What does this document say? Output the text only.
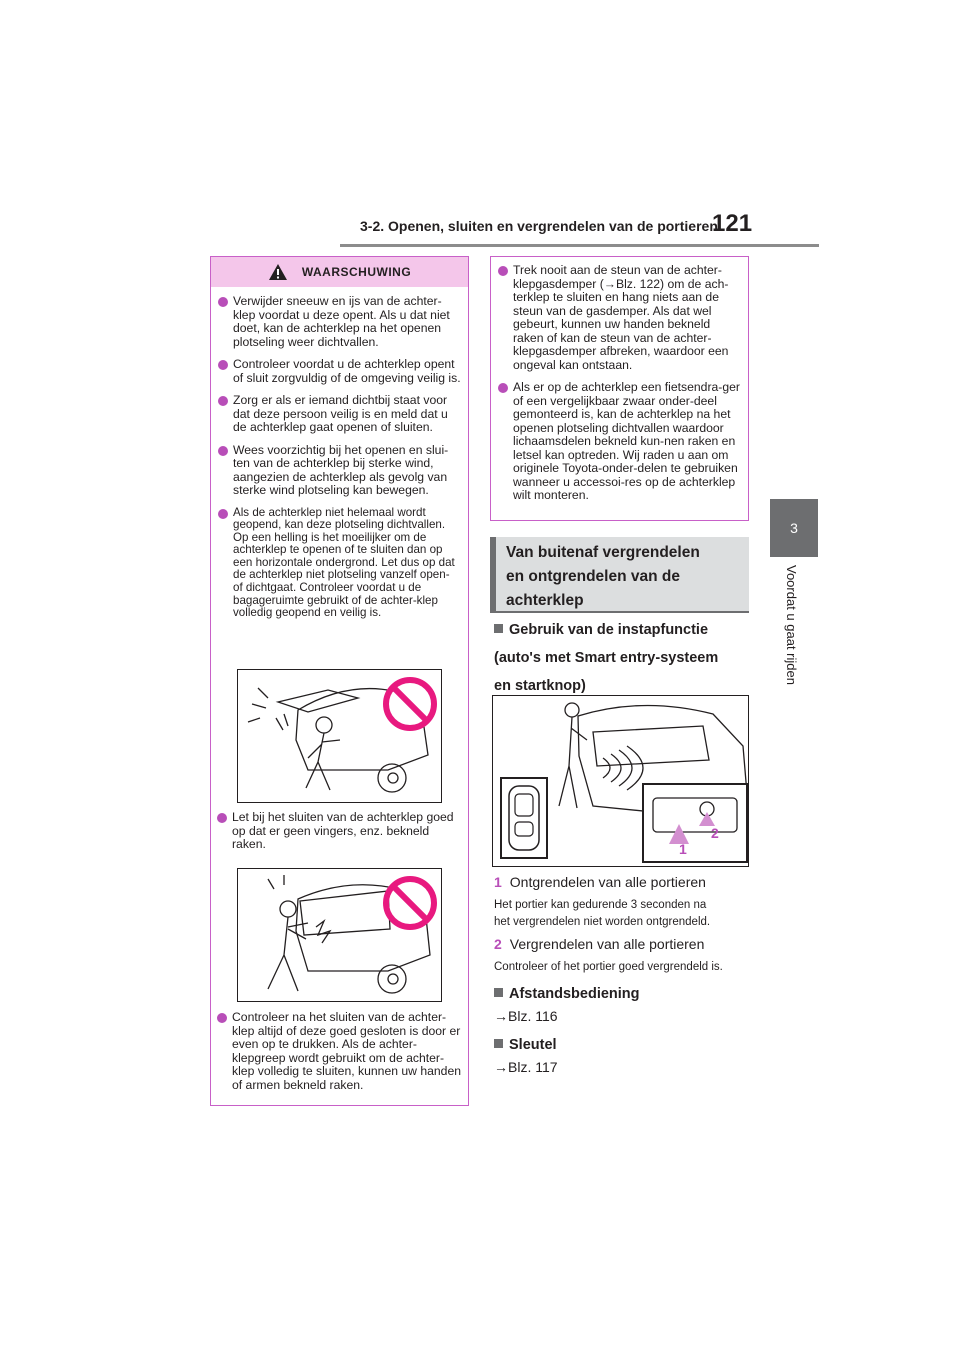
3-2. Openen, sluiten en vergrendelen van de portieren
121
3
Voordat u gaat rijden
WAARSCHUWING
Verwijder sneeuw en ijs van de achter-klep voordat u deze opent. Als u dat niet doet, kan de achterklep na het openen plotseling weer dichtvallen.
Controleer voordat u de achterklep opent of sluit zorgvuldig of de omgeving veilig is.
Zorg er als er iemand dichtbij staat voor dat deze persoon veilig is en meld dat u de achterklep gaat openen of sluiten.
Wees voorzichtig bij het openen en slui-ten van de achterklep bij sterke wind, aangezien de achterklep als gevolg van sterke wind plotseling kan bewegen.
Als de achterklep niet helemaal wordt geopend, kan deze plotseling dichtvallen. Op een helling is het moeilijker om de achterklep te openen of te sluiten dan op een horizontale ondergrond. Let dus op dat de achterklep niet plotseling vanzelf open- of dichtgaat. Controleer voordat u de bagageruimte gebruikt of de achter-klep volledig geopend en veilig is.
Let bij het sluiten van de achterklep goed op dat er geen vingers, enz. bekneld raken.
Controleer na het sluiten van de achter-klep altijd of deze goed gesloten is door er even op te drukken. Als de achter-klepgreep wordt gebruikt om de achter-klep volledig te sluiten, kunnen uw handen of armen bekneld raken.
Trek nooit aan de steun van de achter-klepgasdemper (→Blz. 122) om de ach-terklep te sluiten en hang niets aan de steun van de gasdemper. Als dat wel gebeurt, kunnen uw handen bekneld raken of kan de steun van de achter-klepgasdemper afbreken, waardoor een ongeval kan ontstaan.
Als er op de achterklep een fietsendra-ger of een vergelijkbaar zwaar onder-deel gemonteerd is, kan de achterklep na het openen plotseling dichtvallen waardoor lichaamsdelen bekneld kun-nen raken en letsel kan optreden. Wij raden u aan om originele Toyota-onder-delen te gebruiken wanneer u accessoi-res op de achterklep wilt monteren.
Van buitenaf vergrendelen
en ontgrendelen van de
achterklep
Gebruik van de instapfunctie
(auto's met Smart entry-systeem
en startknop)
1
2
1 Ontgrendelen van alle portieren
Het portier kan gedurende 3 seconden na
het vergrendelen niet worden ontgrendeld.
2 Vergrendelen van alle portieren
Controleer of het portier goed vergrendeld is.
Afstandsbediening
→Blz. 116
Sleutel
→Blz. 117
